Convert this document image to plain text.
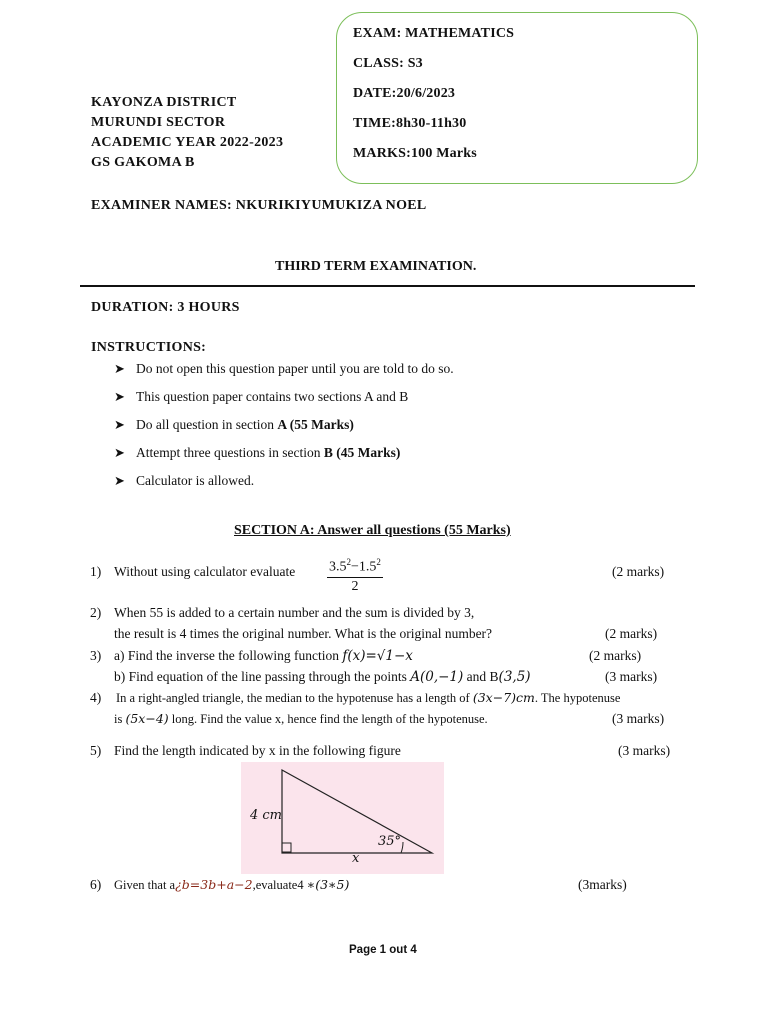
EXAM: MATHEMATICS
CLASS: S3
DATE:20/6/2023
TIME:8h30-11h30
MARKS:100 Marks
KAYONZA DISTRICT
MURUNDI SECTOR
ACADEMIC YEAR 2022-2023
GS GAKOMA B
EXAMINER NAMES: NKURIKIYUMUKIZA NOEL
THIRD TERM EXAMINATION.
DURATION: 3 HOURS
INSTRUCTIONS:
➤ Do not open this question paper until you are told to do so.
➤ This question paper contains two sections A and B
➤ Do all question in section A (55 Marks)
➤ Attempt three questions in section B (45 Marks)
➤ Calculator is allowed.
SECTION A: Answer all questions (55 Marks)
1) Without using calculator evaluate $\frac{3.5^2-1.5^2}{2}$	(2 marks)
2) When 55 is added to a certain number and the sum is divided by 3,
the result is 4 times the original number. What is the original number?	(2 marks)
3) a) Find the inverse the following function f(x)=√1−x	(2 marks)
b) Find equation of the line passing through the points A(0,−1) and B(3,5)	(3 marks)
4) In a right-angled triangle, the median to the hypotenuse has a length of (3x−7)cm. The hypotenuse
is (5x−4) long. Find the value x, hence find the length of the hypotenuse.	(3 marks)
5) Find the length indicated by x in the following figure	(3 marks)
4 cm
35°
x
6) Given that a¿b=3b+a−2,evaluate4 ∗(3∗5)	(3marks)
Page 1 out 4
